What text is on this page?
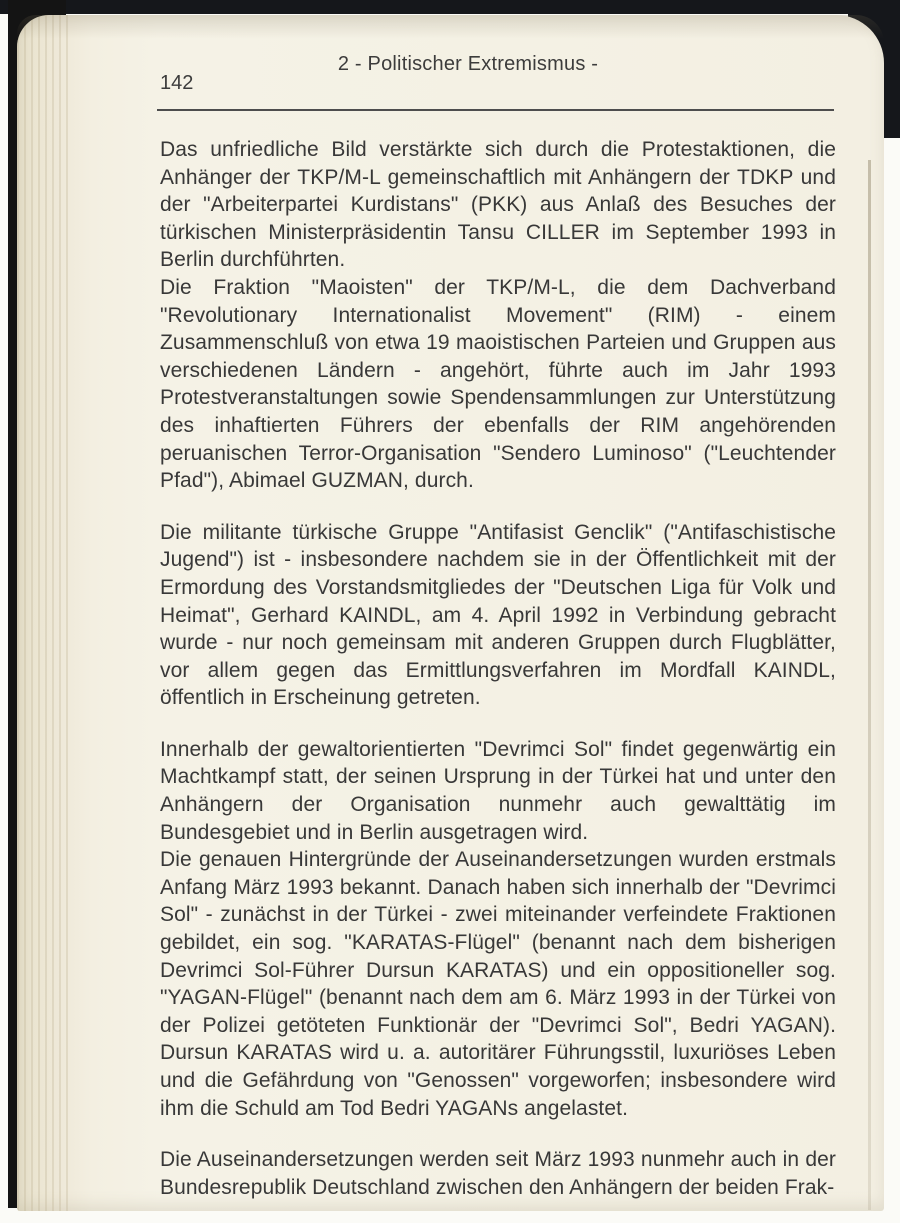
2 - Politischer Extremismus -
142

Das unfriedliche Bild verstärkte sich durch die Protestaktionen, die Anhänger der TKP/M-L gemeinschaftlich mit Anhängern der TDKP und der "Arbeiterpartei Kurdistans" (PKK) aus Anlaß des Besuches der türkischen Ministerpräsidentin Tansu CILLER im September 1993 in Berlin durchführten.

Die Fraktion "Maoisten" der TKP/M-L, die dem Dachverband "Revolutionary Internationalist Movement" (RIM) - einem Zusammenschluß von etwa 19 maoistischen Parteien und Gruppen aus verschiedenen Ländern - angehört, führte auch im Jahr 1993 Protestveranstaltungen sowie Spendensammlungen zur Unterstützung des inhaftierten Führers der ebenfalls der RIM angehörenden peruanischen Terror-Organisation "Sendero Luminoso" ("Leuchtender Pfad"), Abimael GUZMAN, durch.

Die militante türkische Gruppe "Antifasist Genclik" ("Antifaschistische Jugend") ist - insbesondere nachdem sie in der Öffentlichkeit mit der Ermordung des Vorstandsmitgliedes der "Deutschen Liga für Volk und Heimat", Gerhard KAINDL, am 4. April 1992 in Verbindung gebracht wurde - nur noch gemeinsam mit anderen Gruppen durch Flugblätter, vor allem gegen das Ermittlungsverfahren im Mordfall KAINDL, öffentlich in Erscheinung getreten.

Innerhalb der gewaltorientierten "Devrimci Sol" findet gegenwärtig ein Machtkampf statt, der seinen Ursprung in der Türkei hat und unter den Anhängern der Organisation nunmehr auch gewalttätig im Bundesgebiet und in Berlin ausgetragen wird.

Die genauen Hintergründe der Auseinandersetzungen wurden erstmals Anfang März 1993 bekannt. Danach haben sich innerhalb der "Devrimci Sol" - zunächst in der Türkei - zwei miteinander verfeindete Fraktionen gebildet, ein sog. "KARATAS-Flügel" (benannt nach dem bisherigen Devrimci Sol-Führer Dursun KARATAS) und ein oppositioneller sog. "YAGAN-Flügel" (benannt nach dem am 6. März 1993 in der Türkei von der Polizei getöteten Funktionär der "Devrimci Sol", Bedri YAGAN). Dursun KARATAS wird u. a. autoritärer Führungsstil, luxuriöses Leben und die Gefährdung von "Genossen" vorgeworfen; insbesondere wird ihm die Schuld am Tod Bedri YAGANs angelastet.

Die Auseinandersetzungen werden seit März 1993 nunmehr auch in der Bundesrepublik Deutschland zwischen den Anhängern der beiden Frak-
